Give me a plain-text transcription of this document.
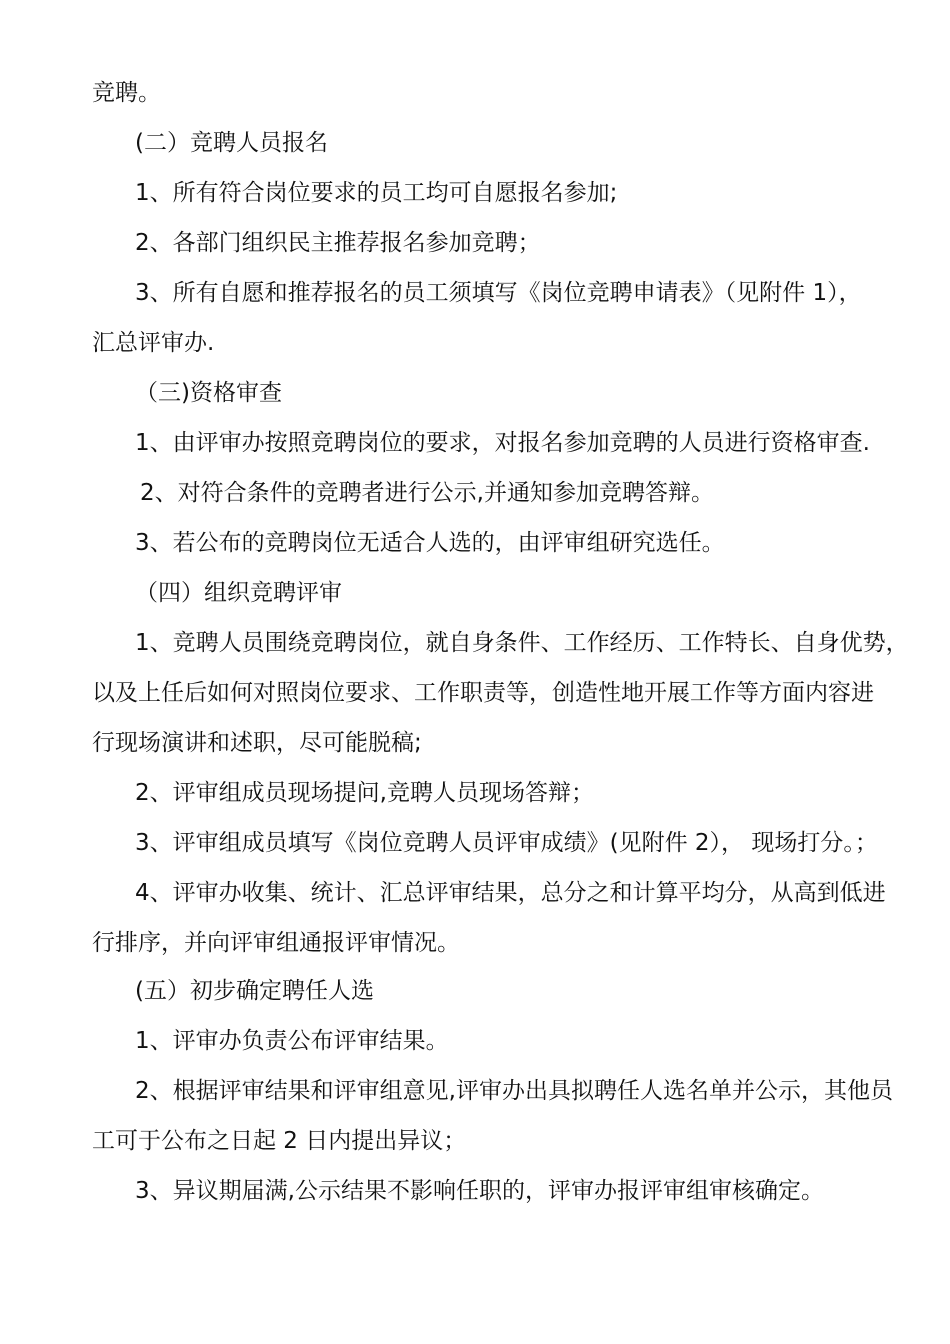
竞聘。
(二）竞聘人员报名
1、所有符合岗位要求的员工均可自愿报名参加;
2、各部门组织民主推荐报名参加竞聘；
3、所有自愿和推荐报名的员工须填写《岗位竞聘申请表》（见附件 1），
汇总评审办.
（三)资格审查
1、由评审办按照竞聘岗位的要求，对报名参加竞聘的人员进行资格审查.
2、对符合条件的竞聘者进行公示,并通知参加竞聘答辩。
3、若公布的竞聘岗位无适合人选的，由评审组研究选任。
（四）组织竞聘评审
1、竞聘人员围绕竞聘岗位，就自身条件、工作经历、工作特长、自身优势，
以及上任后如何对照岗位要求、工作职责等，创造性地开展工作等方面内容进
行现场演讲和述职，尽可能脱稿;
2、评审组成员现场提问,竞聘人员现场答辩；
3、评审组成员填写《岗位竞聘人员评审成绩》(见附件 2）， 现场打分。；
4、评审办收集、统计、汇总评审结果，总分之和计算平均分，从高到低进
行排序，并向评审组通报评审情况。
(五）初步确定聘任人选
1、评审办负责公布评审结果。
2、根据评审结果和评审组意见,评审办出具拟聘任人选名单并公示，其他员
工可于公布之日起 2 日内提出异议；
3、异议期届满,公示结果不影响任职的，评审办报评审组审核确定。
